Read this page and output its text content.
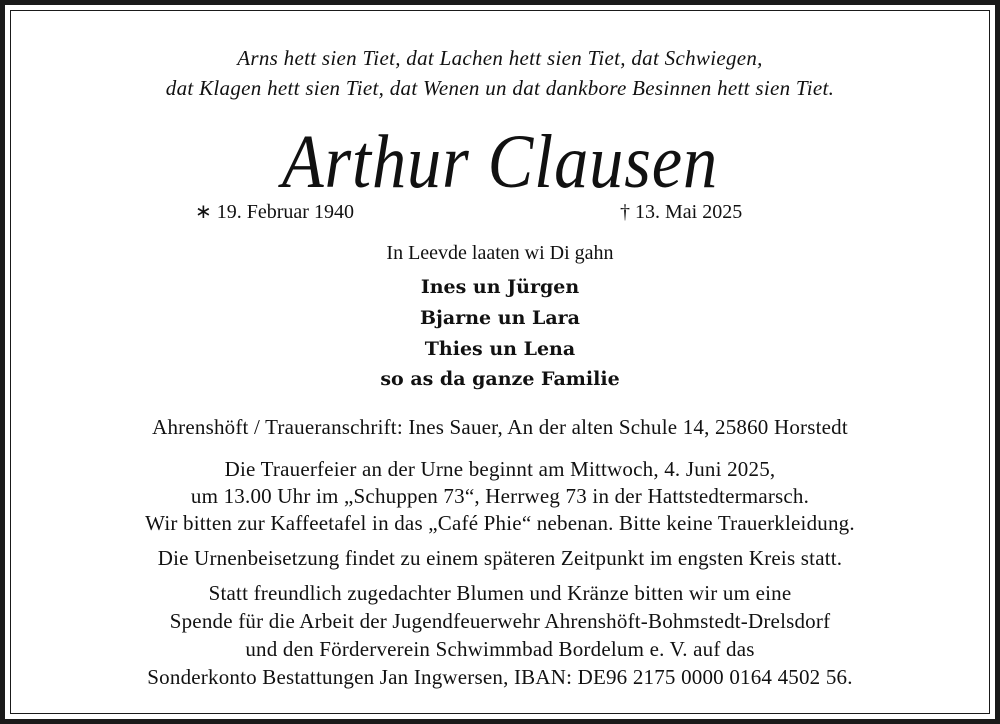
Arns hett sien Tiet, dat Lachen hett sien Tiet, dat Schwiegen,
dat Klagen hett sien Tiet, dat Wenen un dat dankbore Besinnen hett sien Tiet.
Arthur Clausen
∗ 19. Februar 1940	† 13. Mai 2025
In Leevde laaten wi Di gahn
Ines un Jürgen
Bjarne un Lara
Thies un Lena
so as da ganze Familie
Ahrenshöft / Traueranschrift: Ines Sauer, An der alten Schule 14, 25860 Horstedt
Die Trauerfeier an der Urne beginnt am Mittwoch, 4. Juni 2025,
um 13.00 Uhr im „Schuppen 73“, Herrweg 73 in der Hattstedtermarsch.
Wir bitten zur Kaffeetafel in das „Café Phie“ nebenan. Bitte keine Trauerkleidung.
Die Urnenbeisetzung findet zu einem späteren Zeitpunkt im engsten Kreis statt.
Statt freundlich zugedachter Blumen und Kränze bitten wir um eine
Spende für die Arbeit der Jugendfeuerwehr Ahrenshöft-Bohmstedt-Drelsdorf
und den Förderverein Schwimmbad Bordelum e. V. auf das
Sonderkonto Bestattungen Jan Ingwersen, IBAN: DE96 2175 0000 0164 4502 56.
